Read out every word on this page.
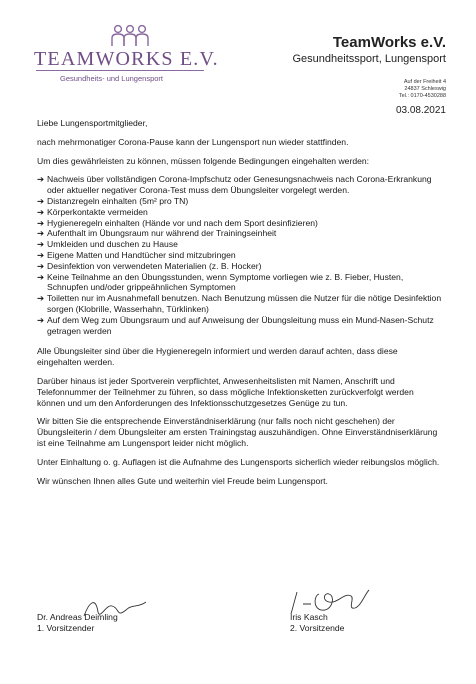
TEAMWORKS E.V.
Gesundheits- und Lungensport
TeamWorks e.V.
Gesundheitssport, Lungensport
Auf der Freiheit 4
24837 Schleswig
Tel.: 0170-4530288
03.08.2021

Liebe Lungensportmitglieder,

nach mehrmonatiger Corona-Pause kann der Lungensport nun wieder stattfinden.

Um dies gewährleisten zu können, müssen folgende Bedingungen eingehalten werden:

➔ Nachweis über vollständigen Corona-Impfschutz oder Genesungsnachweis nach Corona-Erkrankung oder aktueller negativer Corona-Test muss dem Übungsleiter vorgelegt werden.
➔ Distanzregeln einhalten (5m² pro TN)
➔ Körperkontakte vermeiden
➔ Hygieneregeln einhalten (Hände vor und nach dem Sport desinfizieren)
➔ Aufenthalt im Übungsraum nur während der Trainingseinheit
➔ Umkleiden und duschen zu Hause
➔ Eigene Matten und Handtücher sind mitzubringen
➔ Desinfektion von verwendeten Materialien (z. B. Hocker)
➔ Keine Teilnahme an den Übungsstunden, wenn Symptome vorliegen wie z. B. Fieber, Husten, Schnupfen und/oder grippeähnlichen Symptomen
➔ Toiletten nur im Ausnahmefall benutzen. Nach Benutzung müssen die Nutzer für die nötige Desinfektion sorgen (Klobrille, Wasserhahn, Türklinken)
➔ Auf dem Weg zum Übungsraum und auf Anweisung der Übungsleitung muss ein Mund-Nasen-Schutz getragen werden

Alle Übungsleiter sind über die Hygieneregeln informiert und werden darauf achten, dass diese eingehalten werden.

Darüber hinaus ist jeder Sportverein verpflichtet, Anwesenheitslisten mit Namen, Anschrift und Telefonnummer der Teilnehmer zu führen, so dass mögliche Infektionsketten zurückverfolgt werden können und um den Anforderungen des Infektionsschutzgesetzes Genüge zu tun.

Wir bitten Sie die entsprechende Einverständniserklärung (nur falls noch nicht geschehen) der Übungsleiterin / dem Übungsleiter am ersten Trainingstag auszuhändigen. Ohne Einverständniserklärung ist eine Teilnahme am Lungensport leider nicht möglich.

Unter Einhaltung o. g. Auflagen ist die Aufnahme des Lungensports sicherlich wieder reibungslos möglich.

Wir wünschen Ihnen alles Gute und weiterhin viel Freude beim Lungensport.

Dr. Andreas Deimling
1. Vorsitzender
Iris Kasch
2. Vorsitzende
